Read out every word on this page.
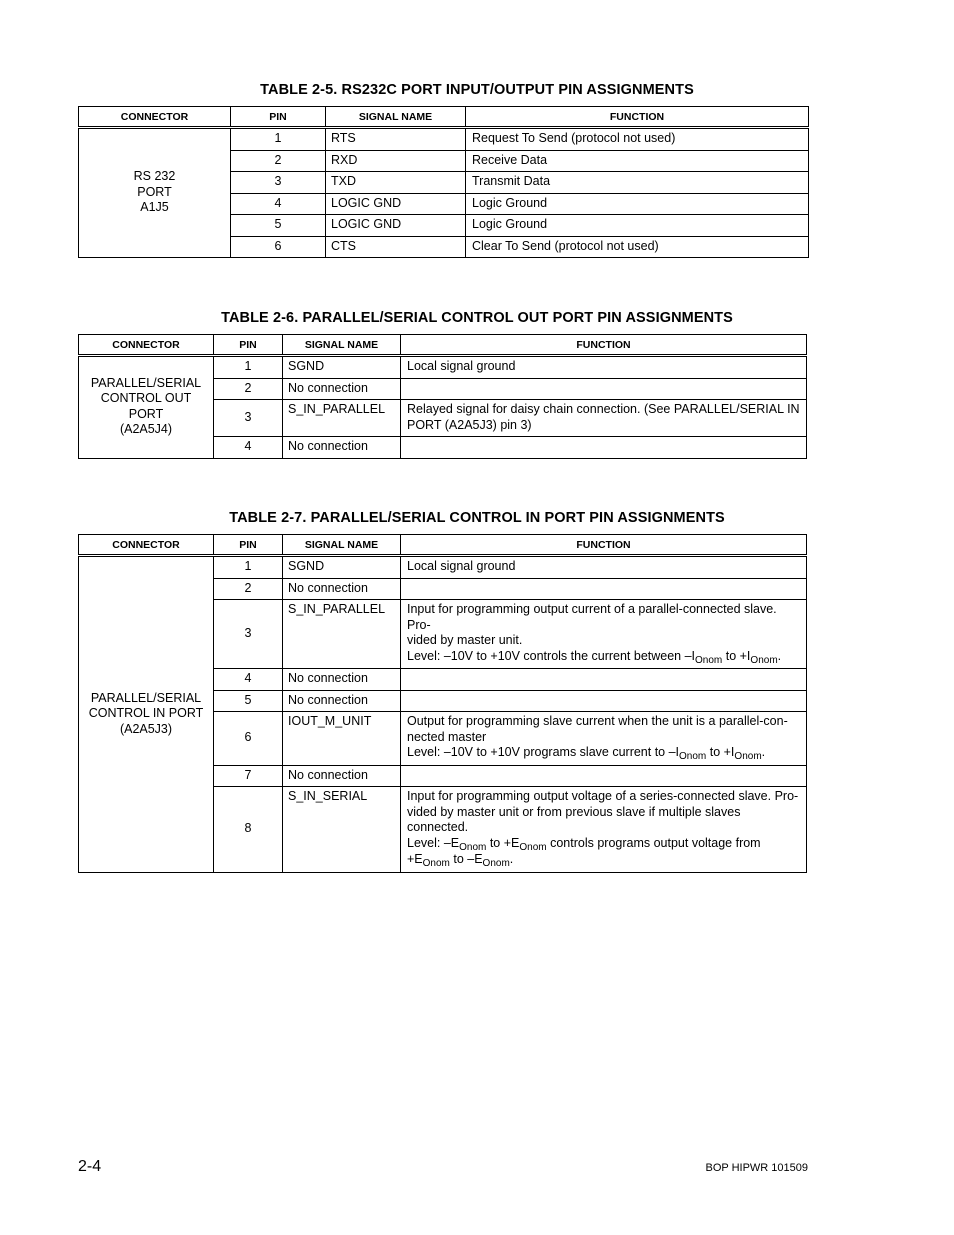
TABLE 2-5. RS232C PORT INPUT/OUTPUT PIN ASSIGNMENTS
CONNECTOR	PIN	SIGNAL NAME	FUNCTION

RS 232
PORT
A1J5	1	RTS	Request To Send (protocol not used)
	2	RXD	Receive Data
	3	TXD	Transmit Data
	4	LOGIC GND	Logic Ground
	5	LOGIC GND	Logic Ground
	6	CTS	Clear To Send (protocol not used)
TABLE 2-6. PARALLEL/SERIAL CONTROL OUT PORT PIN ASSIGNMENTS
CONNECTOR	PIN	SIGNAL NAME	FUNCTION

PARALLEL/SERIAL
CONTROL OUT
PORT
(A2A5J4)	1	SGND	Local signal ground
	2	No connection	
	3	S_IN_PARALLEL	Relayed signal for daisy chain connection. (See PARALLEL/SERIAL IN PORT (A2A5J3) pin 3)
	4	No connection	
TABLE 2-7. PARALLEL/SERIAL CONTROL IN PORT PIN ASSIGNMENTS
CONNECTOR	PIN	SIGNAL NAME	FUNCTION

PARALLEL/SERIAL
CONTROL IN PORT
(A2A5J3)	1	SGND	Local signal ground
	2	No connection	
	3	S_IN_PARALLEL	Input for programming output current of a parallel-connected slave. Pro-
vided by master unit.
Level: –10V to +10V controls the current between $-I_{Onom}$ to $+I_{Onom}$.

	4	No connection	
	5	No connection	
	6	IOUT_M_UNIT	Output for programming slave current when the unit is a parallel-con-
nected master
Level: –10V to +10V programs slave current to $-I_{Onom}$ to $+I_{Onom}$.

	7	No connection	
	8	S_IN_SERIAL	Input for programming output voltage of a series-connected slave. Pro-
vided by master unit or from previous slave if multiple slaves connected.
Level: $-E_{Onom}$ to $+E_{Onom}$ controls programs output voltage from
$+E_{Onom}$ to $-E_{Onom}$.
2-4	BOP HIPWR 101509
